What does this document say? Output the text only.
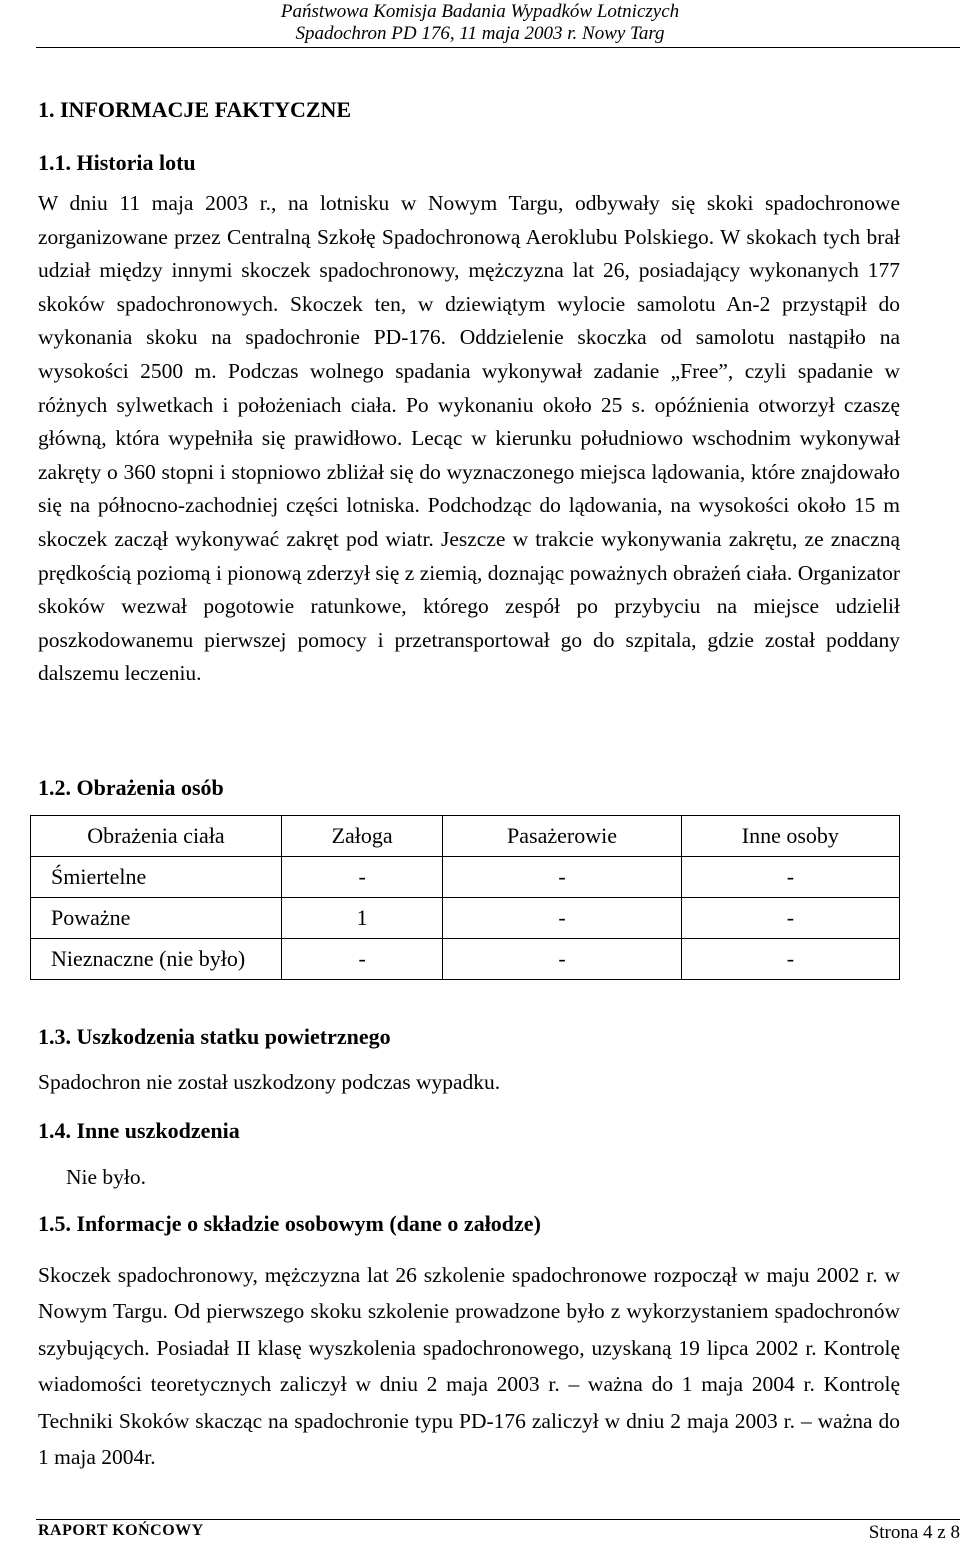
Państwowa Komisja Badania Wypadków Lotniczych
Spadochron PD 176, 11 maja 2003 r. Nowy Targ
1. INFORMACJE FAKTYCZNE
1.1. Historia lotu
W dniu 11 maja 2003 r., na lotnisku w Nowym Targu, odbywały się skoki spadochronowe zorganizowane przez Centralną Szkołę Spadochronową Aeroklubu Polskiego. W skokach tych brał udział między innymi skoczek spadochronowy, mężczyzna lat 26, posiadający wykonanych 177 skoków spadochronowych. Skoczek ten, w dziewiątym wylocie samolotu An-2 przystąpił do wykonania skoku na spadochronie PD-176. Oddzielenie skoczka od samolotu nastąpiło na wysokości 2500 m. Podczas wolnego spadania wykonywał zadanie „Free”, czyli spadanie w różnych sylwetkach i położeniach ciała. Po wykonaniu około 25 s. opóźnienia otworzył czaszę główną, która wypełniła się prawidłowo. Lecąc w kierunku południowo wschodnim wykonywał zakręty o 360 stopni i stopniowo zbliżał się do wyznaczonego miejsca lądowania, które znajdowało się na północno-zachodniej części lotniska. Podchodząc do lądowania, na wysokości około 15 m skoczek zaczął wykonywać zakręt pod wiatr. Jeszcze w trakcie wykonywania zakrętu, ze znaczną prędkością poziomą i pionową zderzył się z ziemią, doznając poważnych obrażeń ciała. Organizator skoków wezwał pogotowie ratunkowe, którego zespół po przybyciu na miejsce udzielił poszkodowanemu pierwszej pomocy i przetransportował go do szpitala, gdzie został poddany dalszemu leczeniu.
1.2. Obrażenia osób
Obrażenia ciała	Załoga	Pasażerowie	Inne osoby
Śmiertelne	-	-	-
Poważne	1	-	-
Nieznaczne (nie było)	-	-	-
1.3. Uszkodzenia statku powietrznego
Spadochron nie został uszkodzony podczas wypadku.
1.4. Inne uszkodzenia
Nie było.
1.5. Informacje o składzie osobowym (dane o załodze)
Skoczek spadochronowy, mężczyzna lat 26 szkolenie spadochronowe rozpoczął w maju 2002 r. w Nowym Targu. Od pierwszego skoku szkolenie prowadzone było z wykorzystaniem spadochronów szybujących. Posiadał II klasę wyszkolenia spadochronowego, uzyskaną 19 lipca 2002 r. Kontrolę wiadomości teoretycznych zaliczył w dniu 2 maja 2003 r. – ważna do 1 maja 2004 r. Kontrolę Techniki Skoków skacząc na spadochronie typu PD-176 zaliczył w dniu 2 maja 2003 r. – ważna do 1 maja 2004r.
RAPORT KOŃCOWY	Strona 4 z 8
